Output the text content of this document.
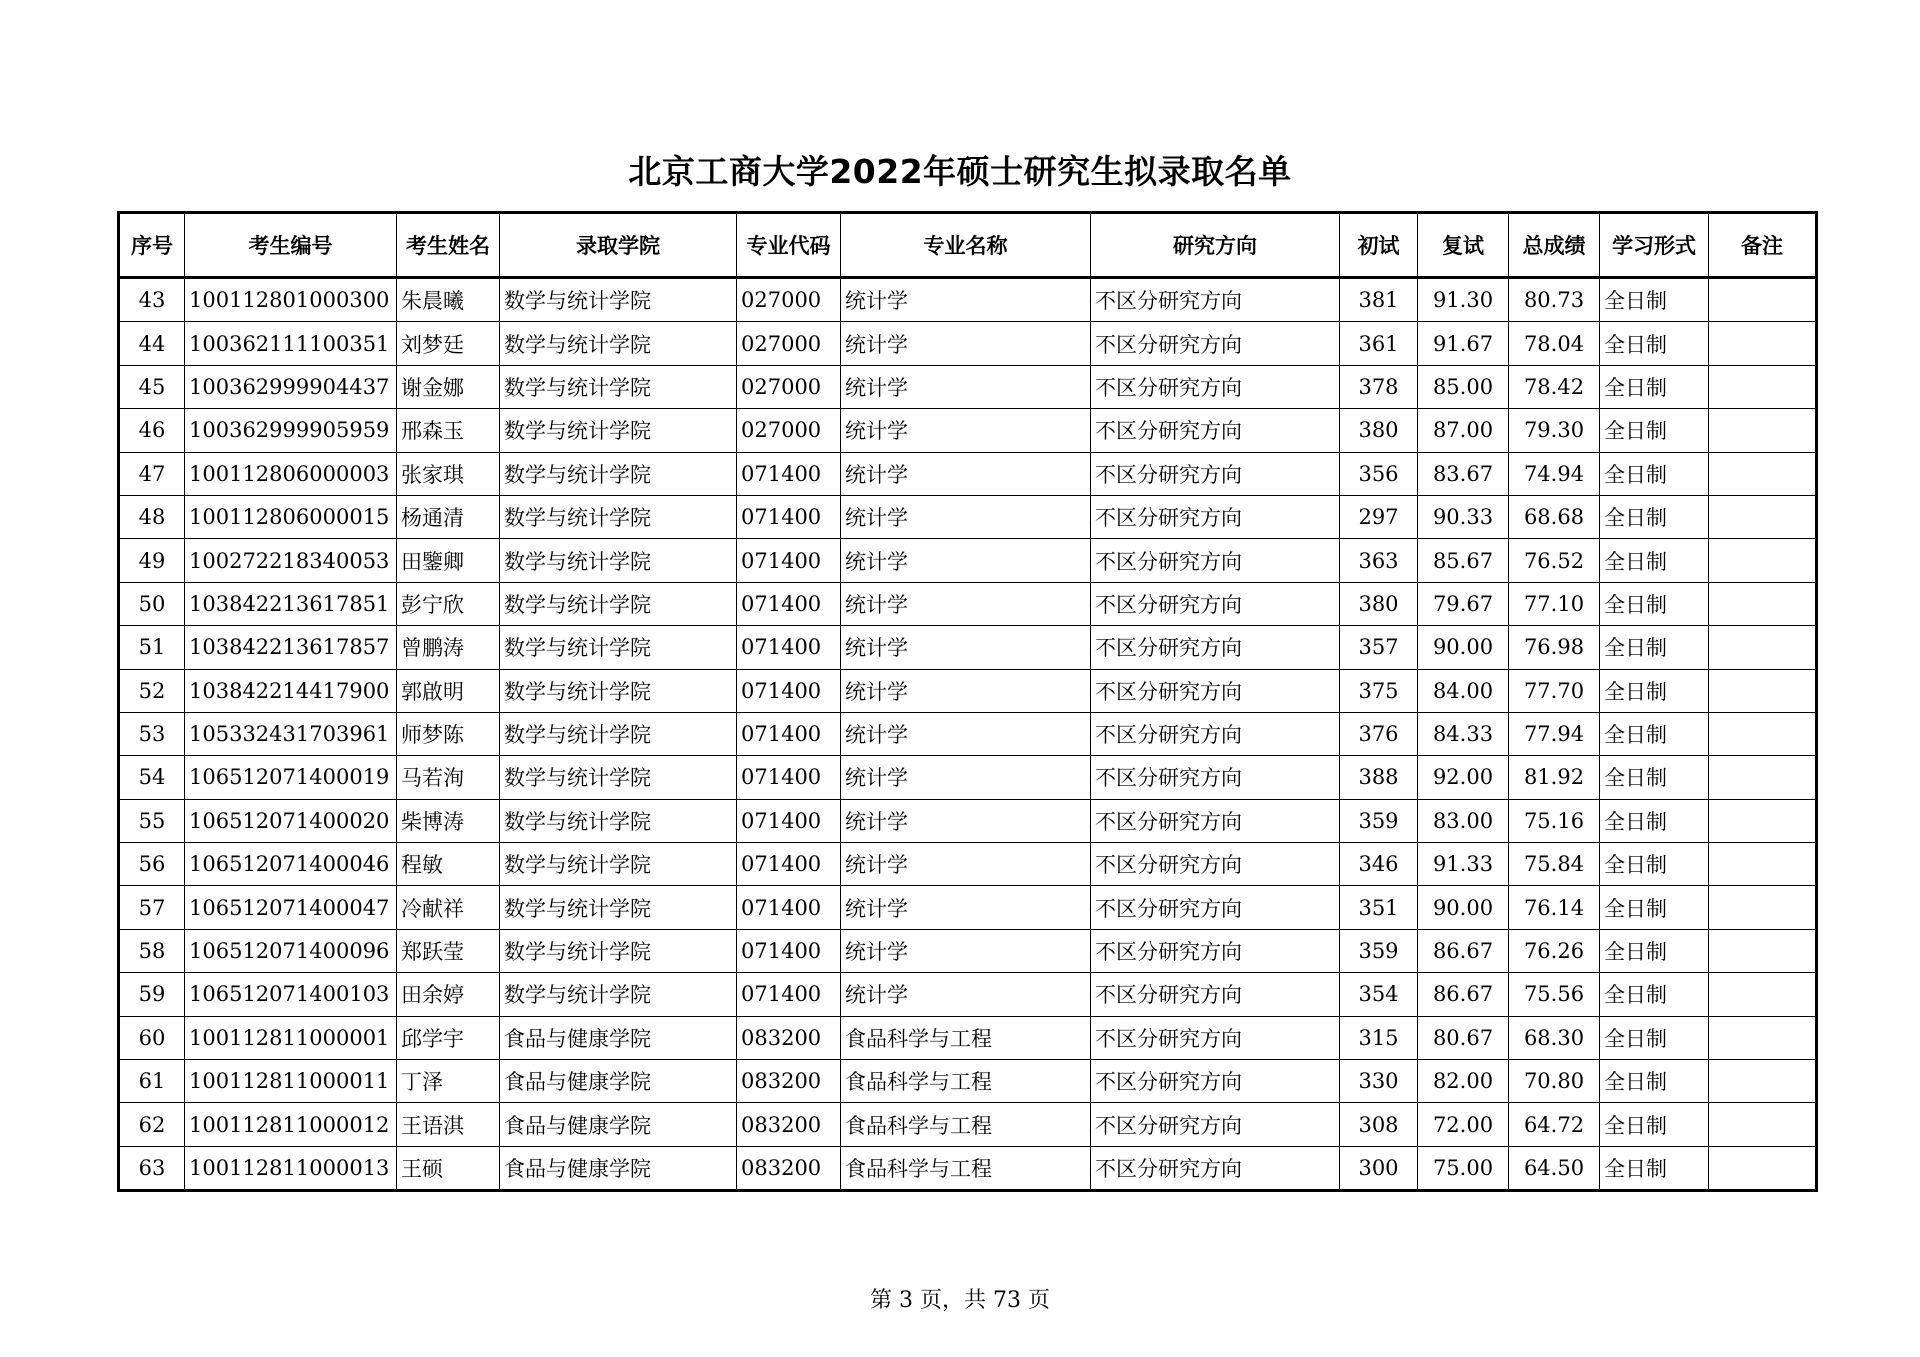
北京工商大学2022年硕士研究生拟录取名单
序号	考生编号	考生姓名	录取学院	专业代码	专业名称	研究方向	初试	复试	总成绩	学习形式	备注
43	100112801000300	朱晨曦	数学与统计学院	027000	统计学	不区分研究方向	381	91.30	80.73	全日制	
44	100362111100351	刘梦廷	数学与统计学院	027000	统计学	不区分研究方向	361	91.67	78.04	全日制	
45	100362999904437	谢金娜	数学与统计学院	027000	统计学	不区分研究方向	378	85.00	78.42	全日制	
46	100362999905959	邢森玉	数学与统计学院	027000	统计学	不区分研究方向	380	87.00	79.30	全日制	
47	100112806000003	张家琪	数学与统计学院	071400	统计学	不区分研究方向	356	83.67	74.94	全日制	
48	100112806000015	杨通清	数学与统计学院	071400	统计学	不区分研究方向	297	90.33	68.68	全日制	
49	100272218340053	田鑒卿	数学与统计学院	071400	统计学	不区分研究方向	363	85.67	76.52	全日制	
50	103842213617851	彭宁欣	数学与统计学院	071400	统计学	不区分研究方向	380	79.67	77.10	全日制	
51	103842213617857	曾鹏涛	数学与统计学院	071400	统计学	不区分研究方向	357	90.00	76.98	全日制	
52	103842214417900	郭啟明	数学与统计学院	071400	统计学	不区分研究方向	375	84.00	77.70	全日制	
53	105332431703961	师梦陈	数学与统计学院	071400	统计学	不区分研究方向	376	84.33	77.94	全日制	
54	106512071400019	马若洵	数学与统计学院	071400	统计学	不区分研究方向	388	92.00	81.92	全日制	
55	106512071400020	柴博涛	数学与统计学院	071400	统计学	不区分研究方向	359	83.00	75.16	全日制	
56	106512071400046	程敏	数学与统计学院	071400	统计学	不区分研究方向	346	91.33	75.84	全日制	
57	106512071400047	冷献祥	数学与统计学院	071400	统计学	不区分研究方向	351	90.00	76.14	全日制	
58	106512071400096	郑跃莹	数学与统计学院	071400	统计学	不区分研究方向	359	86.67	76.26	全日制	
59	106512071400103	田余婷	数学与统计学院	071400	统计学	不区分研究方向	354	86.67	75.56	全日制	
60	100112811000001	邱学宇	食品与健康学院	083200	食品科学与工程	不区分研究方向	315	80.67	68.30	全日制	
61	100112811000011	丁泽	食品与健康学院	083200	食品科学与工程	不区分研究方向	330	82.00	70.80	全日制	
62	100112811000012	王语淇	食品与健康学院	083200	食品科学与工程	不区分研究方向	308	72.00	64.72	全日制	
63	100112811000013	王硕	食品与健康学院	083200	食品科学与工程	不区分研究方向	300	75.00	64.50	全日制	
第 3 页，共 73 页
